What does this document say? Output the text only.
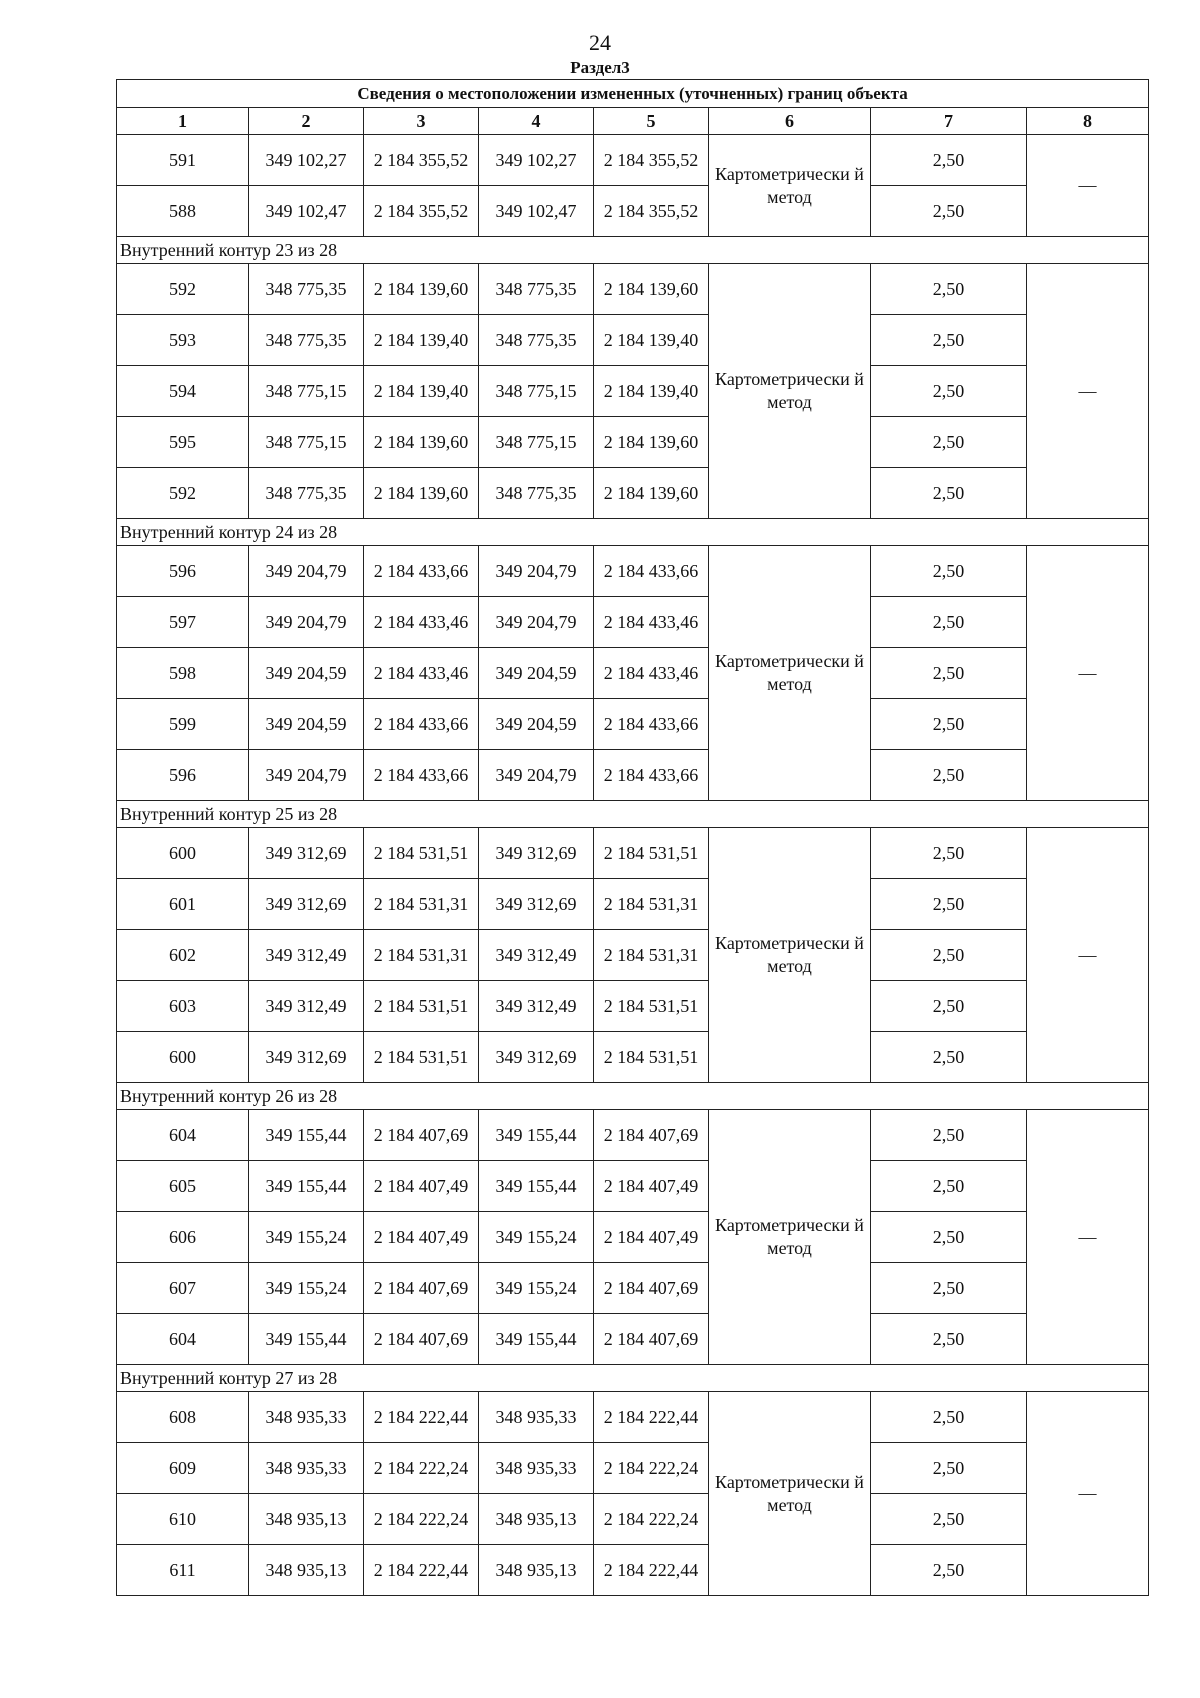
24
Раздел3
Сведения о местоположении измененных (уточненных) границ объекта							
1	2	3	4	5	6	7	8
591	349 102,27	2 184 355,52	349 102,27	2 184 355,52	Картометрически й метод	2,50	—
588	349 102,47	2 184 355,52	349 102,47	2 184 355,52		2,50	
Внутренний контур 23 из 28							
592	348 775,35	2 184 139,60	348 775,35	2 184 139,60	Картометрически й метод	2,50	—
593	348 775,35	2 184 139,40	348 775,35	2 184 139,40		2,50	
594	348 775,15	2 184 139,40	348 775,15	2 184 139,40		2,50	
595	348 775,15	2 184 139,60	348 775,15	2 184 139,60		2,50	
592	348 775,35	2 184 139,60	348 775,35	2 184 139,60		2,50	
Внутренний контур 24 из 28							
596	349 204,79	2 184 433,66	349 204,79	2 184 433,66	Картометрически й метод	2,50	—
597	349 204,79	2 184 433,46	349 204,79	2 184 433,46		2,50	
598	349 204,59	2 184 433,46	349 204,59	2 184 433,46		2,50	
599	349 204,59	2 184 433,66	349 204,59	2 184 433,66		2,50	
596	349 204,79	2 184 433,66	349 204,79	2 184 433,66		2,50	
Внутренний контур 25 из 28							
600	349 312,69	2 184 531,51	349 312,69	2 184 531,51	Картометрически й метод	2,50	—
601	349 312,69	2 184 531,31	349 312,69	2 184 531,31		2,50	
602	349 312,49	2 184 531,31	349 312,49	2 184 531,31		2,50	
603	349 312,49	2 184 531,51	349 312,49	2 184 531,51		2,50	
600	349 312,69	2 184 531,51	349 312,69	2 184 531,51		2,50	
Внутренний контур 26 из 28							
604	349 155,44	2 184 407,69	349 155,44	2 184 407,69	Картометрически й метод	2,50	—
605	349 155,44	2 184 407,49	349 155,44	2 184 407,49		2,50	
606	349 155,24	2 184 407,49	349 155,24	2 184 407,49		2,50	
607	349 155,24	2 184 407,69	349 155,24	2 184 407,69		2,50	
604	349 155,44	2 184 407,69	349 155,44	2 184 407,69		2,50	
Внутренний контур 27 из 28							
608	348 935,33	2 184 222,44	348 935,33	2 184 222,44	Картометрически й метод	2,50	—
609	348 935,33	2 184 222,24	348 935,33	2 184 222,24		2,50	
610	348 935,13	2 184 222,24	348 935,13	2 184 222,24		2,50	
611	348 935,13	2 184 222,44	348 935,13	2 184 222,44		2,50	
